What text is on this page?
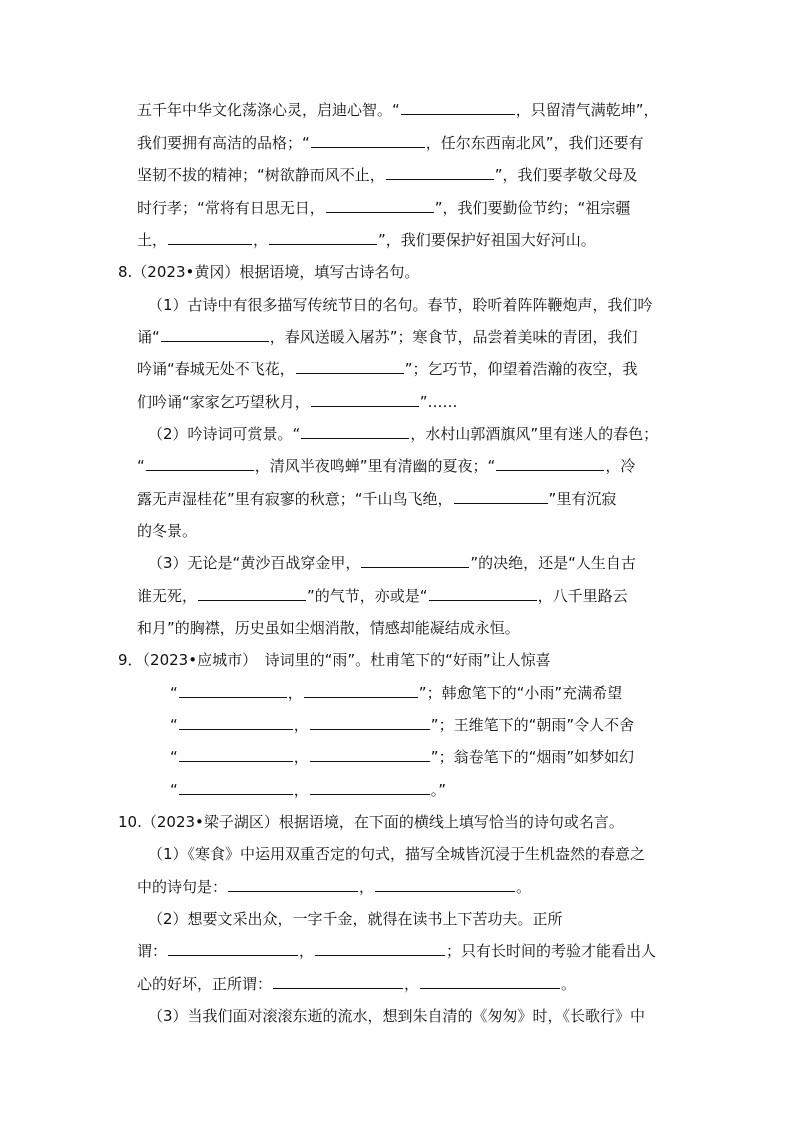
五千年中华文化荡涤心灵，启迪心智。“	，只留清气满乾坤”，
我们要拥有高洁的品格；“	，任尔东西南北风”，我们还要有
坚韧不拔的精神；“树欲静而风不止，	”，我们要孝敬父母及
时行孝；“常将有日思无日，	”，我们要勤俭节约；“祖宗疆
土，	，	”，我们要保护好祖国大好河山。
8.（2023•黄冈）根据语境，填写古诗名句。
（1）古诗中有很多描写传统节日的名句。春节，聆听着阵阵鞭炮声，我们吟
诵“	，春风送暖入屠苏”；寒食节，品尝着美味的青团，我们
吟诵“春城无处不飞花，	”；乞巧节，仰望着浩瀚的夜空，我
们吟诵“家家乞巧望秋月，	”……
（2）吟诗词可赏景。“	，水村山郭酒旗风”里有迷人的春色；
“	，清风半夜鸣蝉”里有清幽的夏夜；“	，冷
露无声湿桂花”里有寂寥的秋意；“千山鸟飞绝，	”里有沉寂
的冬景。
（3）无论是“黄沙百战穿金甲，	”的决绝，还是“人生自古
谁无死，	”的气节，亦或是“	，八千里路云
和月”的胸襟，历史虽如尘烟消散，情感却能凝结成永恒。
9．（2023•应城市）　诗词里的“雨”。杜甫笔下的“好雨”让人惊喜
“	，	”；韩愈笔下的“小雨”充满希望
“	，	”；王维笔下的“朝雨”令人不舍
“	，	”；翁卷笔下的“烟雨”如梦如幻
“	，	。”
10.（2023•梁子湖区）根据语境，在下面的横线上填写恰当的诗句或名言。
（1）《寒食》中运用双重否定的句式，描写全城皆沉浸于生机盎然的春意之
中的诗句是：	，	。
（2）想要文采出众，一字千金，就得在读书上下苦功夫。正所
谓：	，	；只有长时间的考验才能看出人
心的好坏，正所谓：	，	。
（3）当我们面对滚滚东逝的流水，想到朱自清的《匆匆》时，《长歌行》中
